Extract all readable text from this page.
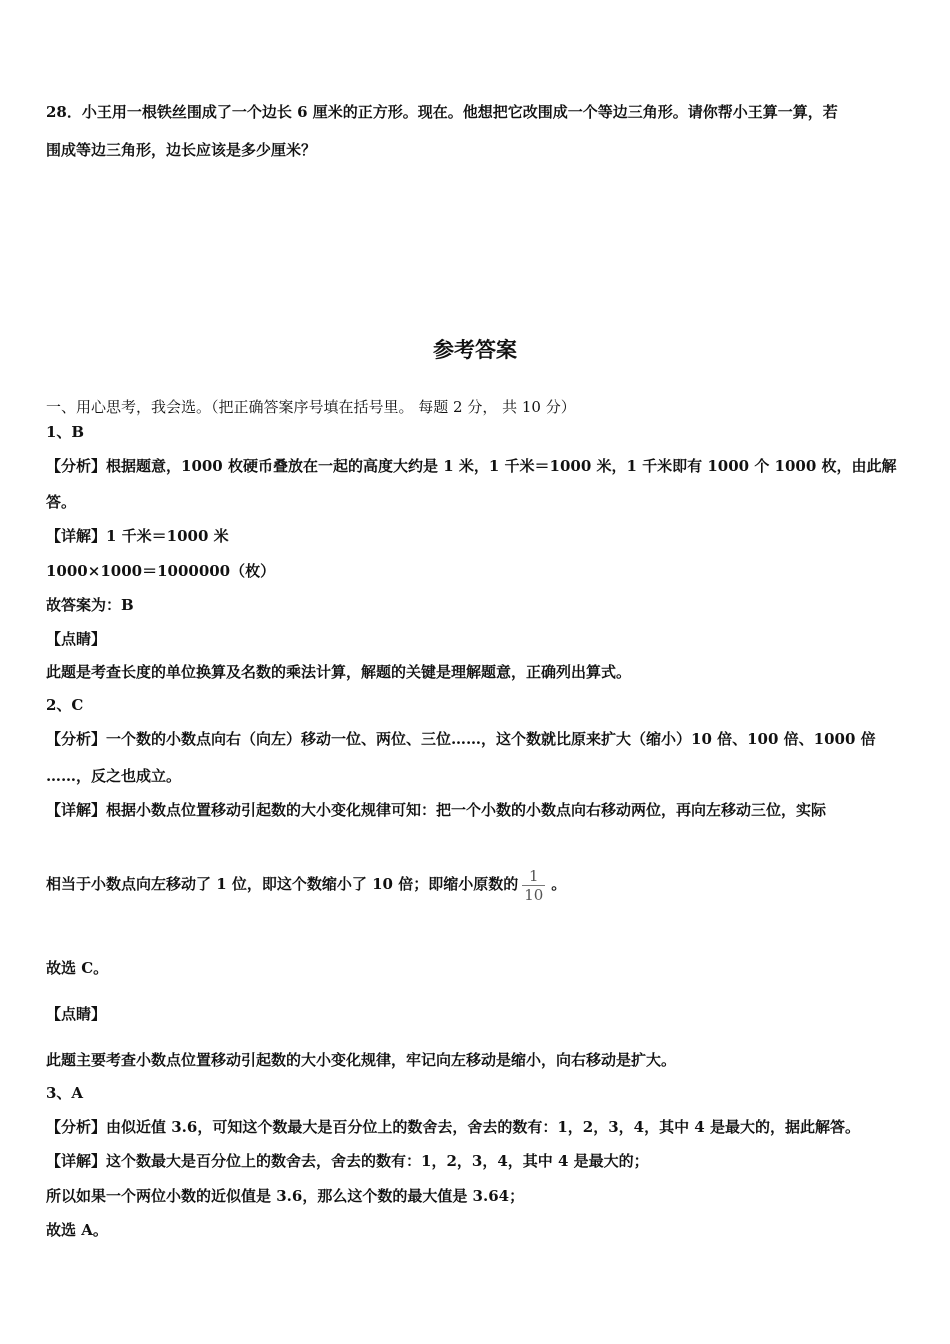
28．小王用一根铁丝围成了一个边长 6 厘米的正方形。现在。他想把它改围成一个等边三角形。请你帮小王算一算，若
围成等边三角形，边长应该是多少厘米？
参考答案
一、用心思考，我会选。（把正确答案序号填在括号里。 每题 2 分， 共 10 分）
1、B
【分析】根据题意，1000 枚硬币叠放在一起的高度大约是 1 米，1 千米＝1000 米，1 千米即有 1000 个 1000 枚，由此解
答。
【详解】1 千米＝1000 米
1000×1000＝1000000（枚）
故答案为：B
【点睛】
此题是考查长度的单位换算及名数的乘法计算，解题的关键是理解题意，正确列出算式。
2、C
【分析】一个数的小数点向右（向左）移动一位、两位、三位……，这个数就比原来扩大（缩小）10 倍、100 倍、1000 倍
……，反之也成立。
【详解】根据小数点位置移动引起数的大小变化规律可知：把一个小数的小数点向右移动两位，再向左移动三位，实际
相当于小数点向左移动了 1 位，即这个数缩小了 10 倍；即缩小原数的 $\frac{1}{10}$ 。
故选 C。
【点睛】
此题主要考查小数点位置移动引起数的大小变化规律，牢记向左移动是缩小，向右移动是扩大。
3、A
【分析】由似近值 3.6，可知这个数最大是百分位上的数舍去，舍去的数有：1，2，3，4，其中 4 是最大的，据此解答。
【详解】这个数最大是百分位上的数舍去，舍去的数有：1，2，3，4，其中 4 是最大的；
所以如果一个两位小数的近似值是 3.6，那么这个数的最大值是 3.64；
故选 A。
